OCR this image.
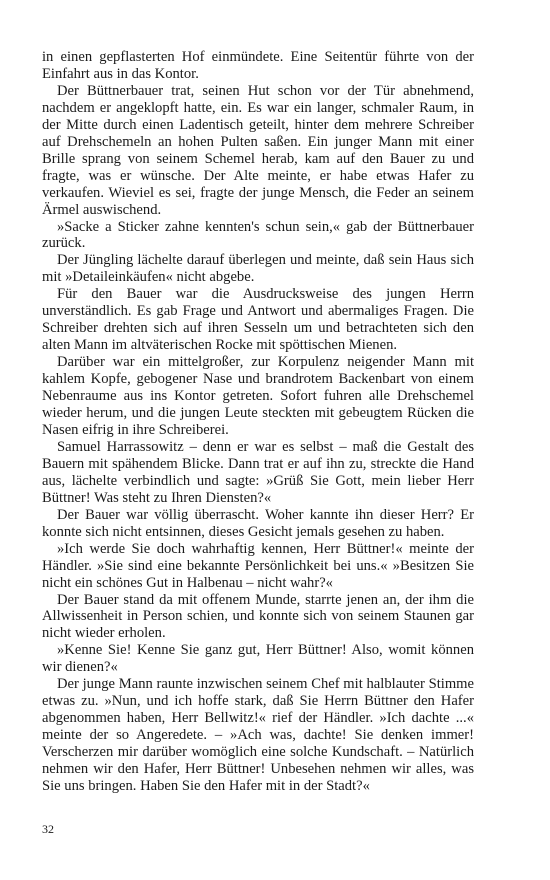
in einen gepflasterten Hof einmündete. Eine Seitentür führte von der Einfahrt aus in das Kontor.

Der Büttnerbauer trat, seinen Hut schon vor der Tür abnehmend, nachdem er angeklopft hatte, ein. Es war ein langer, schmaler Raum, in der Mitte durch einen Ladentisch geteilt, hinter dem mehrere Schreiber auf Drehschemeln an hohen Pulten saßen. Ein junger Mann mit einer Brille sprang von seinem Schemel herab, kam auf den Bauer zu und fragte, was er wünsche. Der Alte meinte, er habe etwas Hafer zu verkaufen. Wieviel es sei, fragte der junge Mensch, die Feder an seinem Ärmel auswischend.

»Sacke a Sticker zahne kennten's schun sein,« gab der Büttnerbauer zurück.

Der Jüngling lächelte darauf überlegen und meinte, daß sein Haus sich mit »Detaileinkäufen« nicht abgebe.

Für den Bauer war die Ausdrucksweise des jungen Herrn unverständlich. Es gab Frage und Antwort und abermaliges Fragen. Die Schreiber drehten sich auf ihren Sesseln um und betrachteten sich den alten Mann im altväterischen Rocke mit spöttischen Mienen.

Darüber war ein mittelgroßer, zur Korpulenz neigender Mann mit kahlem Kopfe, gebogener Nase und brandrotem Backenbart von einem Nebenraume aus ins Kontor getreten. Sofort fuhren alle Drehschemel wieder herum, und die jungen Leute steckten mit gebeugtem Rücken die Nasen eifrig in ihre Schreiberei.

Samuel Harrassowitz – denn er war es selbst – maß die Gestalt des Bauern mit spähendem Blicke. Dann trat er auf ihn zu, streckte die Hand aus, lächelte verbindlich und sagte: »Grüß Sie Gott, mein lieber Herr Büttner! Was steht zu Ihren Diensten?«

Der Bauer war völlig überrascht. Woher kannte ihn dieser Herr? Er konnte sich nicht entsinnen, dieses Gesicht jemals gesehen zu haben.

»Ich werde Sie doch wahrhaftig kennen, Herr Büttner!« meinte der Händler. »Sie sind eine bekannte Persönlichkeit bei uns.« »Besitzen Sie nicht ein schönes Gut in Halbenau – nicht wahr?«

Der Bauer stand da mit offenem Munde, starrte jenen an, der ihm die Allwissenheit in Person schien, und konnte sich von seinem Staunen gar nicht wieder erholen.

»Kenne Sie! Kenne Sie ganz gut, Herr Büttner! Also, womit können wir dienen?«

Der junge Mann raunte inzwischen seinem Chef mit halblauter Stimme etwas zu. »Nun, und ich hoffe stark, daß Sie Herrn Büttner den Hafer abgenommen haben, Herr Bellwitz!« rief der Händler. »Ich dachte ...« meinte der so Angeredete. – »Ach was, dachte! Sie denken immer! Verscherzen mir darüber womöglich eine solche Kundschaft. – Natürlich nehmen wir den Hafer, Herr Büttner! Unbesehen nehmen wir alles, was Sie uns bringen. Haben Sie den Hafer mit in der Stadt?«

32
